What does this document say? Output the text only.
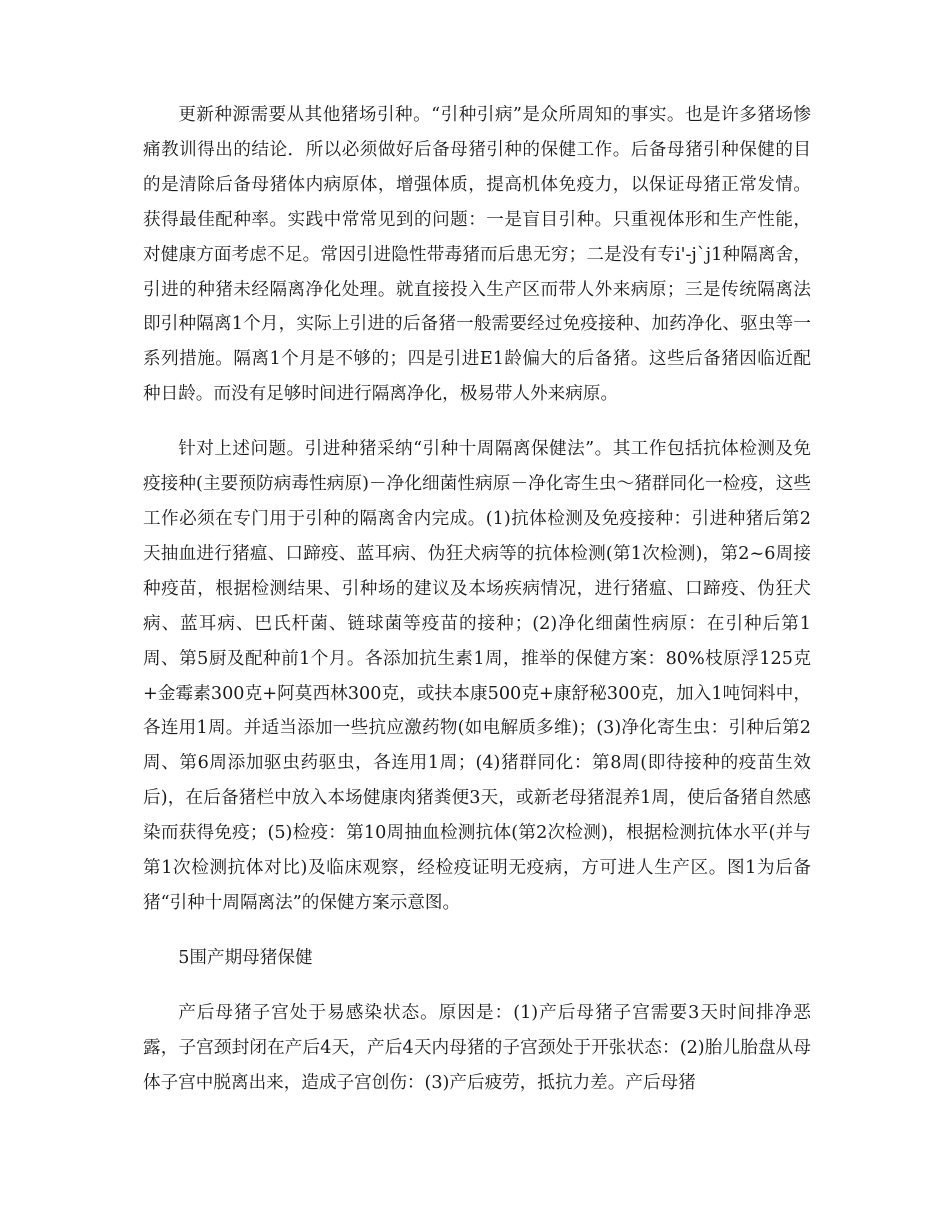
更新种源需要从其他猪场引种。“引种引病”是众所周知的事实。也是许多猪场惨痛教训得出的结论．所以必须做好后备母猪引种的保健工作。后备母猪引种保健的目的是清除后备母猪体内病原体，增强体质，提高机体免疫力，以保证母猪正常发情。获得最佳配种率。实践中常常见到的问题：一是盲目引种。只重视体形和生产性能，对健康方面考虑不足。常因引进隐性带毒猪而后患无穷；二是没有专i'-j`j1种隔离舍，引进的种猪未经隔离净化处理。就直接投入生产区而带人外来病原；三是传统隔离法即引种隔离1个月，实际上引进的后备猪一般需要经过免疫接种、加药净化、驱虫等一系列措施。隔离1个月是不够的；四是引进E1龄偏大的后备猪。这些后备猪因临近配种日龄。而没有足够时间进行隔离净化，极易带人外来病原。

针对上述问题。引进种猪采纳“引种十周隔离保健法”。其工作包括抗体检测及免疫接种(主要预防病毒性病原)－净化细菌性病原－净化寄生虫～猪群同化一检疫，这些工作必须在专门用于引种的隔离舍内完成。(1)抗体检测及免疫接种：引进种猪后第2天抽血进行猪瘟、口蹄疫、蓝耳病、伪狂犬病等的抗体检测(第1次检测)，第2~6周接种疫苗，根据检测结果、引种场的建议及本场疾病情况，进行猪瘟、口蹄疫、伪狂犬病、蓝耳病、巴氏杆菌、链球菌等疫苗的接种；(2)净化细菌性病原：在引种后第1周、第5厨及配种前1个月。各添加抗生素1周，推举的保健方案：80%枝原浮125克+金霉素300克+阿莫西林300克，或扶本康500克+康舒秘300克，加入1吨饲料中，各连用1周。并适当添加一些抗应激药物(如电解质多维)；(3)净化寄生虫：引种后第2周、第6周添加驱虫药驱虫，各连用1周；(4)猪群同化：第8周(即待接种的疫苗生效后)，在后备猪栏中放入本场健康肉猪粪便3天，或新老母猪混养1周，使后备猪自然感染而获得免疫；(5)检疫：第10周抽血检测抗体(第2次检测)，根据检测抗体水平(并与第1次检测抗体对比)及临床观察，经检疫证明无疫病，方可进人生产区。图1为后备猪“引种十周隔离法”的保健方案示意图。

5围产期母猪保健

产后母猪子宫处于易感染状态。原因是：(1)产后母猪子宫需要3天时间排净恶露，子宫颈封闭在产后4天，产后4天内母猪的子宫颈处于开张状态：(2)胎儿胎盘从母体子宫中脱离出来，造成子宫创伤：(3)产后疲劳，抵抗力差。产后母猪
